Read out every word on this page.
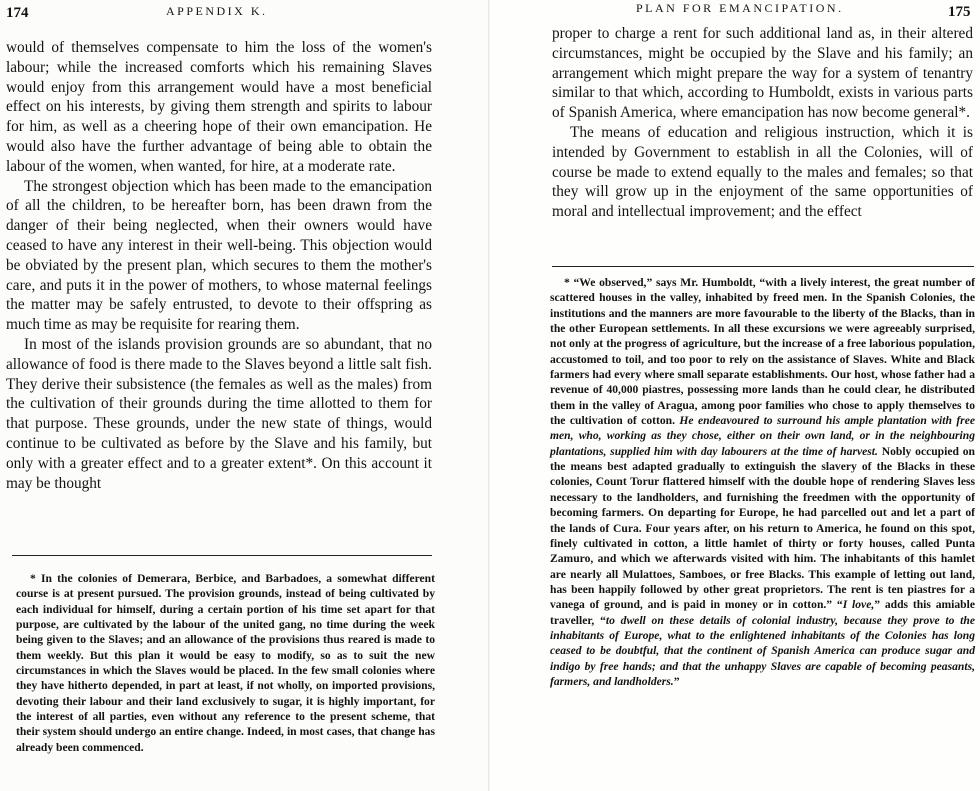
174	APPENDIX K.

would of themselves compensate to him the loss of the women's labour; while the increased comforts which his remaining Slaves would enjoy from this arrangement would have a most beneficial effect on his interests, by giving them strength and spirits to labour for him, as well as a cheering hope of their own emancipation. He would also have the further advantage of being able to obtain the labour of the women, when wanted, for hire, at a moderate rate.

The strongest objection which has been made to the emancipation of all the children, to be hereafter born, has been drawn from the danger of their being neglected, when their owners would have ceased to have any interest in their well-being. This objection would be obviated by the present plan, which secures to them the mother's care, and puts it in the power of mothers, to whose maternal feelings the matter may be safely entrusted, to devote to their offspring as much time as may be requisite for rearing them.

In most of the islands provision grounds are so abundant, that no allowance of food is there made to the Slaves beyond a little salt fish. They derive their subsistence (the females as well as the males) from the cultivation of their grounds during the time allotted to them for that purpose. These grounds, under the new state of things, would continue to be cultivated as before by the Slave and his family, but only with a greater effect and to a greater extent*. On this account it may be thought

* In the colonies of Demerara, Berbice, and Barbadoes, a somewhat different course is at present pursued. The provision grounds, instead of being cultivated by each individual for himself, during a certain portion of his time set apart for that purpose, are cultivated by the labour of the united gang, no time during the week being given to the Slaves; and an allowance of the provisions thus reared is made to them weekly. But this plan it would be easy to modify, so as to suit the new circumstances in which the Slaves would be placed. In the few small colonies where they have hitherto depended, in part at least, if not wholly, on imported provisions, devoting their labour and their land exclusively to sugar, it is highly important, for the interest of all parties, even without any reference to the present scheme, that their system should undergo an entire change. Indeed, in most cases, that change has already been commenced.

PLAN FOR EMANCIPATION.	175

proper to charge a rent for such additional land as, in their altered circumstances, might be occupied by the Slave and his family; an arrangement which might prepare the way for a system of tenantry similar to that which, according to Humboldt, exists in various parts of Spanish America, where emancipation has now become general*.

The means of education and religious instruction, which it is intended by Government to establish in all the Colonies, will of course be made to extend equally to the males and females; so that they will grow up in the enjoyment of the same opportunities of moral and intellectual improvement; and the effect

* “We observed,” says Mr. Humboldt, “with a lively interest, the great number of scattered houses in the valley, inhabited by freed men. In the Spanish Colonies, the institutions and the manners are more favourable to the liberty of the Blacks, than in the other European settlements. In all these excursions we were agreeably surprised, not only at the progress of agriculture, but the increase of a free laborious population, accustomed to toil, and too poor to rely on the assistance of Slaves. White and Black farmers had every where small separate establishments. Our host, whose father had a revenue of 40,000 piastres, possessing more lands than he could clear, he distributed them in the valley of Aragua, among poor families who chose to apply themselves to the cultivation of cotton. He endeavoured to surround his ample plantation with free men, who, working as they chose, either on their own land, or in the neighbouring plantations, supplied him with day labourers at the time of harvest. Nobly occupied on the means best adapted gradually to extinguish the slavery of the Blacks in these colonies, Count Torur flattered himself with the double hope of rendering Slaves less necessary to the landholders, and furnishing the freedmen with the opportunity of becoming farmers. On departing for Europe, he had parcelled out and let a part of the lands of Cura. Four years after, on his return to America, he found on this spot, finely cultivated in cotton, a little hamlet of thirty or forty houses, called Punta Zamuro, and which we afterwards visited with him. The inhabitants of this hamlet are nearly all Mulattoes, Samboes, or free Blacks. This example of letting out land, has been happily followed by other great proprietors. The rent is ten piastres for a vanega of ground, and is paid in money or in cotton.” “I love,” adds this amiable traveller, “to dwell on these details of colonial industry, because they prove to the inhabitants of Europe, what to the enlightened inhabitants of the Colonies has long ceased to be doubtful, that the continent of Spanish America can produce sugar and indigo by free hands; and that the unhappy Slaves are capable of becoming peasants, farmers, and landholders.”
